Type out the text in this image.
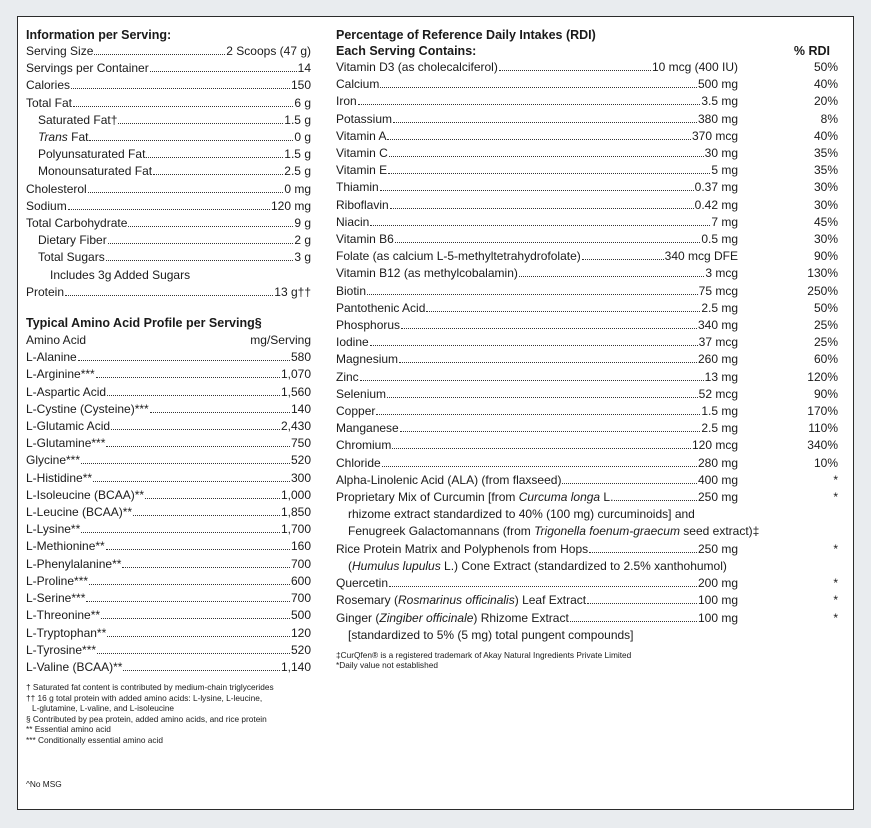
Information per Serving:
Serving Size	2 Scoops (47 g)
Servings per Container	14
Calories	150
Total Fat	6 g
Saturated Fat†	1.5 g
Trans Fat	0 g
Polyunsaturated Fat	1.5 g
Monounsaturated Fat	2.5 g
Cholesterol	0 mg
Sodium	120 mg
Total Carbohydrate	9 g
Dietary Fiber	2 g
Total Sugars	3 g
Includes 3g Added Sugars
Protein	13 g††
Typical Amino Acid Profile per Serving§
Amino Acid	mg/Serving
L-Alanine	580
L-Arginine***	1,070
L-Aspartic Acid	1,560
L-Cystine (Cysteine)***	140
L-Glutamic Acid	2,430
L-Glutamine***	750
Glycine***	520
L-Histidine**	300
L-Isoleucine (BCAA)**	1,000
L-Leucine (BCAA)**	1,850
L-Lysine**	1,700
L-Methionine**	160
L-Phenylalanine**	700
L-Proline***	600
L-Serine***	700
L-Threonine**	500
L-Tryptophan**	120
L-Tyrosine***	520
L-Valine (BCAA)**	1,140
† Saturated fat content is contributed by medium-chain triglycerides
†† 16 g total protein with added amino acids: L-lysine, L-leucine,
L-glutamine, L-valine, and L-isoleucine
§ Contributed by pea protein, added amino acids, and rice protein
** Essential amino acid
*** Conditionally essential amino acid
^No MSG
Percentage of Reference Daily Intakes (RDI)
Each Serving Contains:	% RDI
Vitamin D3 (as cholecalciferol)	10 mcg (400 IU)	50%
Calcium	500 mg	40%
Iron	3.5 mg	20%
Potassium	380 mg	8%
Vitamin A	370 mcg	40%
Vitamin C	30 mg	35%
Vitamin E	5 mg	35%
Thiamin	0.37 mg	30%
Riboflavin	0.42 mg	30%
Niacin	7 mg	45%
Vitamin B6	0.5 mg	30%
Folate (as calcium L-5-methyltetrahydrofolate)	340 mcg DFE	90%
Vitamin B12 (as methylcobalamin)	3 mcg	130%
Biotin	75 mcg	250%
Pantothenic Acid	2.5 mg	50%
Phosphorus	340 mg	25%
Iodine	37 mcg	25%
Magnesium	260 mg	60%
Zinc	13 mg	120%
Selenium	52 mcg	90%
Copper	1.5 mg	170%
Manganese	2.5 mg	110%
Chromium	120 mcg	340%
Chloride	280 mg	10%
Alpha-Linolenic Acid (ALA) (from flaxseed)	400 mg	*
Proprietary Mix of Curcumin [from Curcuma longa L.	250 mg	*
rhizome extract standardized to 40% (100 mg) curcuminoids] and
Fenugreek Galactomannans (from Trigonella foenum-graecum seed extract)‡
Rice Protein Matrix and Polyphenols from Hops	250 mg	*
(Humulus lupulus L.) Cone Extract (standardized to 2.5% xanthohumol)
Quercetin	200 mg	*
Rosemary (Rosmarinus officinalis) Leaf Extract	100 mg	*
Ginger (Zingiber officinale) Rhizome Extract	100 mg	*
[standardized to 5% (5 mg) total pungent compounds]
‡CurQfen® is a registered trademark of Akay Natural Ingredients Private Limited
*Daily value not established
